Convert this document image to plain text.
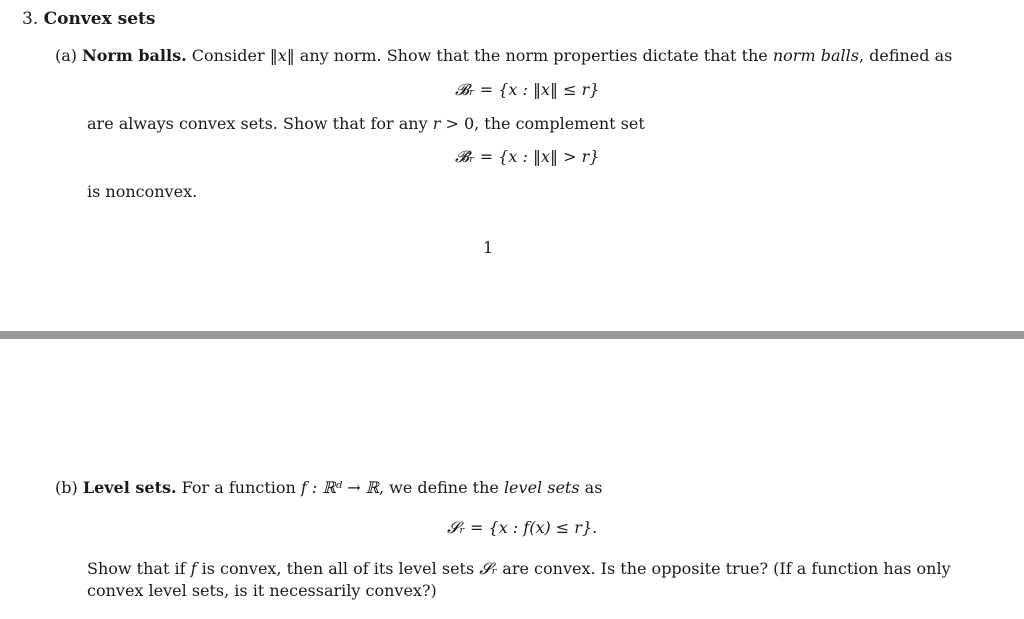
3. Convex sets
(a) Norm balls. Consider ‖x‖ any norm. Show that the norm properties dictate that the norm balls, defined as
𝓑ᵣ = {x : ‖x‖ ≤ r}
are always convex sets. Show that for any r > 0, the complement set
𝓑̄ᵣ = {x : ‖x‖ > r}
is nonconvex.
1
(b) Level sets. For a function f : ℝᵈ → ℝ, we define the level sets as
𝓢ᵣ = {x : f(x) ≤ r}.
Show that if f is convex, then all of its level sets 𝓢ᵣ are convex. Is the opposite true? (If a function has only convex level sets, is it necessarily convex?)
